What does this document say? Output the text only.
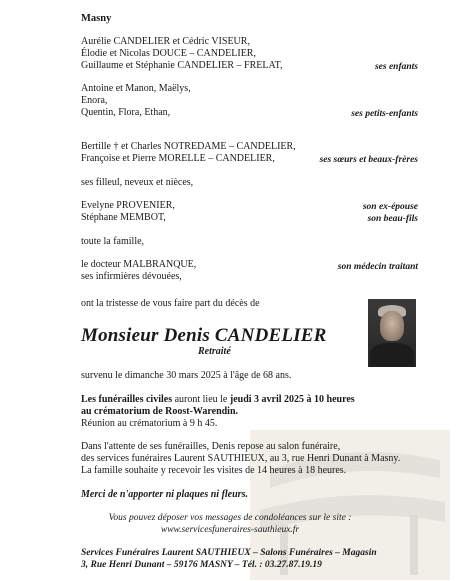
Masny
Aurélie CANDELIER et Cédric VISEUR,
Élodie et Nicolas DOUCE – CANDELIER,
Guillaume et Stéphanie CANDELIER – FRELAT,	ses enfants
Antoine et Manon, Maëlys,
Enora,
Quentin, Flora, Ethan,	ses petits-enfants
Bertille † et Charles NOTREDAME – CANDELIER,
Françoise et Pierre MORELLE – CANDELIER,	ses sœurs et beaux-frères
ses filleul, neveux et nièces,
Evelyne PROVENIER,
Stéphane MEMBOT,
son ex-épouse
son beau-fils
toute la famille,
le docteur MALBRANQUE,
ses infirmières dévouées,
son médecin traitant
ont la tristesse de vous faire part du décès de
Monsieur Denis CANDELIER
Retraité
survenu le dimanche 30 mars 2025 à l'âge de 68 ans.
Les funérailles civiles auront lieu le jeudi 3 avril 2025 à 10 heures
au crématorium de Roost-Warendin.
Réunion au crématorium à 9 h 45.
Dans l'attente de ses funérailles, Denis repose au salon funéraire,
des services funéraires Laurent SAUTHIEUX, au 3, rue Henri Dunant à Masny.
La famille souhaite y recevoir les visites de 14 heures à 18 heures.
Merci de n'apporter ni plaques ni fleurs.
Vous pouvez déposer vos messages de condoléances sur le site :
www.servicesfuneraires-sauthieux.fr
Services Funéraires Laurent SAUTHIEUX – Salons Funéraires – Magasin
3, Rue Henri Dunant – 59176 MASNY – Tél. : 03.27.87.19.19
